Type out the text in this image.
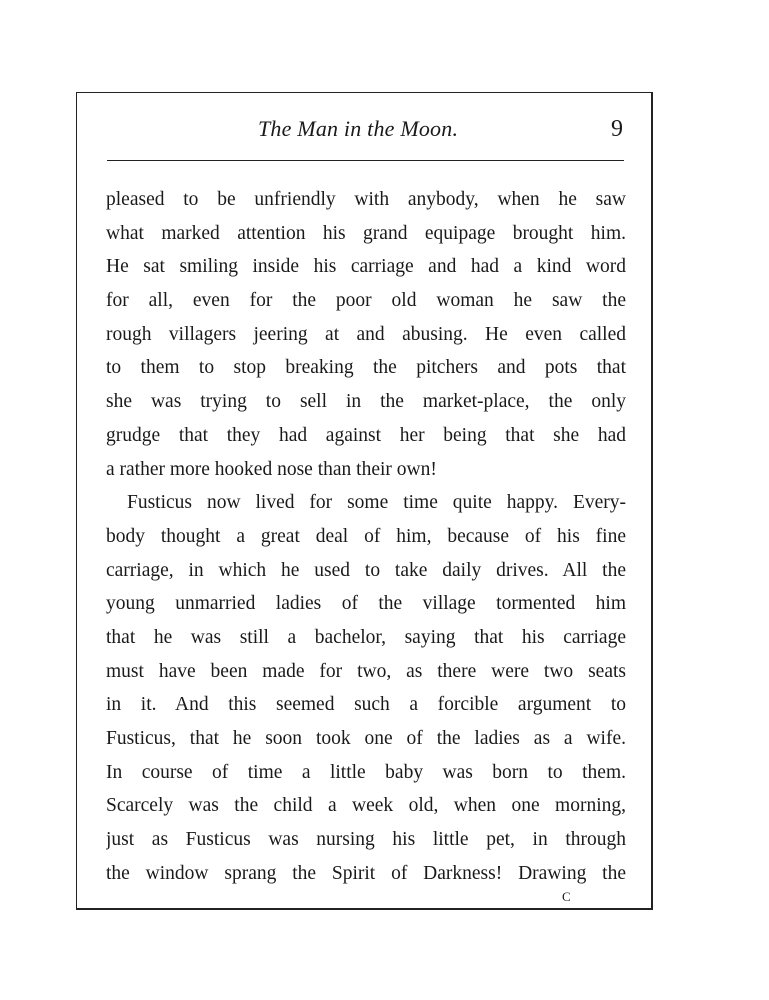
The Man in the Moon.	9
pleased to be unfriendly with anybody, when he saw
what marked attention his grand equipage brought him.
He sat smiling inside his carriage and had a kind word
for all, even for the poor old woman he saw the
rough villagers jeering at and abusing. He even called
to them to stop breaking the pitchers and pots that
she was trying to sell in the market-place, the only
grudge that they had against her being that she had
a rather more hooked nose than their own!
Fusticus now lived for some time quite happy. Every-
body thought a great deal of him, because of his fine
carriage, in which he used to take daily drives. All the
young unmarried ladies of the village tormented him
that he was still a bachelor, saying that his carriage
must have been made for two, as there were two seats
in it. And this seemed such a forcible argument to
Fusticus, that he soon took one of the ladies as a wife.
In course of time a little baby was born to them.
Scarcely was the child a week old, when one morning,
just as Fusticus was nursing his little pet, in through
the window sprang the Spirit of Darkness! Drawing the
C
